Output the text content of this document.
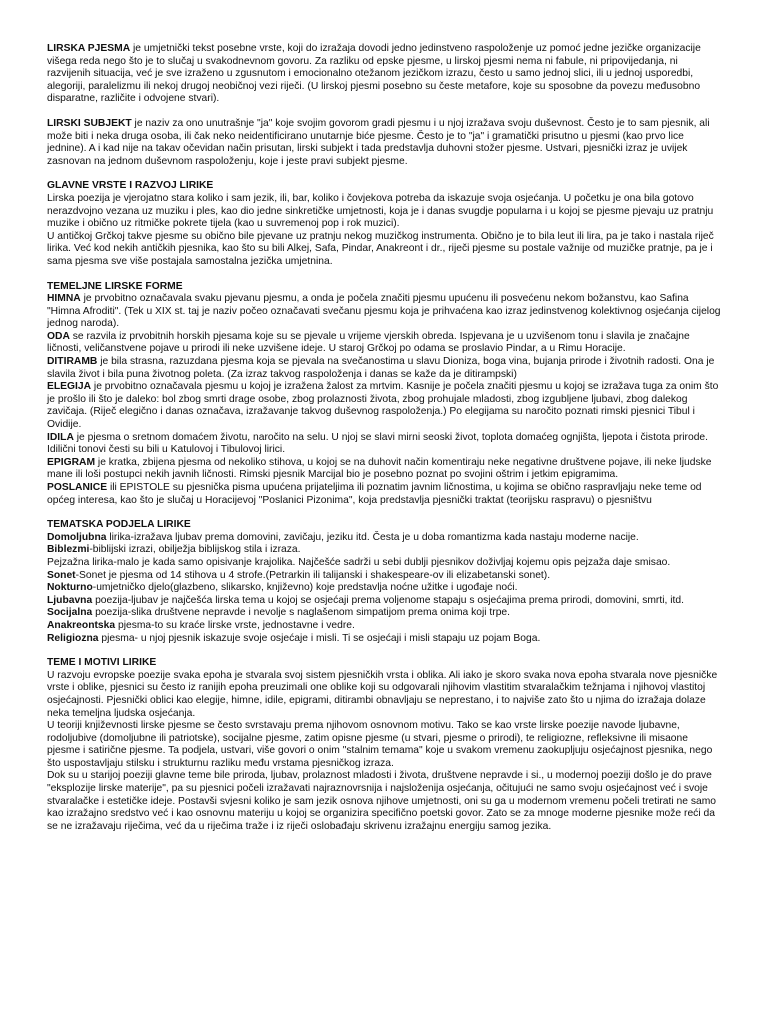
LIRSKA PJESMA je umjetnički tekst posebne vrste, koji do izražaja dovodi jedno jedinstveno raspoloženje uz pomoć jedne jezičke organizacije višega reda nego što je to slučaj u svakodnevnom govoru. Za razliku od epske pjesme, u lirskoj pjesmi nema ni fabule, ni pripovijedanja, ni razvijenih situacija, već je sve izraženo u zgusnutom i emocionalno otežanom jezičkom izrazu, često u samo jednoj slici, ili u jednoj usporedbi, alegoriji, paralelizmu ili nekoj drugoj neobičnoj vezi riječi. (U lirskoj pjesmi posebno su česte metafore, koje su sposobne da povezu međusobno disparatne, različite i odvojene stvari).

LIRSKI SUBJEKT je naziv za ono unutrašnje "ja" koje svojim govorom gradi pjesmu i u njoj izražava svoju duševnost. Često je to sam pjesnik, ali može biti i neka druga osoba, ili čak neko neidentificirano unutarnje biće pjesme. Često je to "ja" i gramatički prisutno u pjesmi (kao prvo lice jednine). A i kad nije na takav očevidan način prisutan, lirski subjekt i tada predstavlja duhovni stožer pjesme. Ustvari, pjesnički izraz je uvijek zasnovan na jednom duševnom raspoloženju, koje i jeste pravi subjekt pjesme.

GLAVNE VRSTE I RAZVOJ LIRIKE

Lirska poezija je vjerojatno stara koliko i sam jezik, ili, bar, koliko i čovjekova potreba da iskazuje svoja osjećanja. U početku je ona bila gotovo nerazdvojno vezana uz muziku i ples, kao dio jedne sinkretičke umjetnosti, koja je i danas svugdje popularna i u kojoj se pjesme pjevaju uz pratnju muzike i obično uz ritmičke pokrete tijela (kao u suvremenoj pop i rok muzici).

U antičkoj Grčkoj takve pjesme su obično bile pjevane uz pratnju nekog muzičkog instrumenta. Obično je to bila leut ili lira, pa je tako i nastala riječ lirika. Već kod nekih antičkih pjesnika, kao što su bili Alkej, Safa, Pindar, Anakreont i dr., riječi pjesme su postale važnije od muzičke pratnje, pa je i sama pjesma sve više postajala samostalna jezička umjetnina.

TEMELJNE LIRSKE FORME

HIMNA je prvobitno označavala svaku pjevanu pjesmu, a onda je počela značiti pjesmu upućenu ili posvećenu nekom božanstvu, kao Safina "Himna Afroditi". (Tek u XIX st. taj je naziv počeo označavati svečanu pjesmu koja je prihvaćena kao izraz jedinstvenog kolektivnog osjećanja cijelog jednog naroda).

ODA se razvila iz prvobitnih horskih pjesama koje su se pjevale u vrijeme vjerskih obreda. Ispjevana je u uzvišenom tonu i slavila je značajne ličnosti, veličanstvene pojave u prirodi ili neke uzvišene ideje. U staroj Grčkoj po odama se proslavio Pindar, a u Rimu Horacije.

DITIRAMB je bila strasna, razuzdana pjesma koja se pjevala na svečanostima u slavu Dioniza, boga vina, bujanja prirode i životnih radosti. Ona je slavila život i bila puna životnog poleta. (Za izraz takvog raspoloženja i danas se kaže da je ditirampski)

ELEGIJA je prvobitno označavala pjesmu u kojoj je izražena žalost za mrtvim. Kasnije je počela značiti pjesmu u kojoj se izražava tuga za onim što je prošlo ili što je daleko: bol zbog smrti drage osobe, zbog prolaznosti života, zbog prohujale mladosti, zbog izgubljene ljubavi, zbog dalekog zavičaja. (Riječ elegično i danas označava, izražavanje takvog duševnog raspoloženja.) Po elegijama su naročito poznati rimski pjesnici Tibul i Ovidije.

IDILA je pjesma o sretnom domaćem životu, naročito na selu. U njoj se slavi mirni seoski život, toplota domaćeg ognjišta, ljepota i čistota prirode. Idilični tonovi česti su bili u Katulovoj i Tibulovoj lirici.

EPIGRAM je kratka, zbijena pjesma od nekoliko stihova, u kojoj se na duhovit način komentiraju neke negativne društvene pojave, ili neke ljudske mane ili loši postupci nekih javnih ličnosti. Rimski pjesnik Marcijal bio je posebno poznat po svojini oštrim i jetkim epigramima.

POSLANICE ili EPISTOLE su pjesnička pisma upućena prijateljima ili poznatim javnim ličnostima, u kojima se obično raspravljaju neke teme od općeg interesa, kao što je slučaj u Horacijevoj "Poslanici Pizonima", koja predstavlja pjesnički traktat (teorijsku raspravu) o pjesništvu

TEMATSKA PODJELA LIRIKE

Domoljubna lirika-izražava ljubav prema domovini, zavičaju, jeziku itd. Česta je u doba romantizma kada nastaju moderne nacije.

Biblezmi-biblijski izrazi, obilježja biblijskog stila i izraza.

Pejzažna lirika-malo je kada samo opisivanje krajolika. Najčešće sadrži u sebi dublji pjesnikov doživljaj kojemu opis pejzaža daje smisao.

Sonet-Sonet je pjesma od 14 stihova u 4 strofe.(Petrarkin ili talijanski i shakespeare-ov ili elizabetanski sonet).

Nokturno-umjetničko djelo(glazbeno, slikarsko, književno) koje predstavlja noćne užitke i ugođaje noći.

Ljubavna poezija-ljubav je najčešća lirska tema u kojoj se osjećaji prema voljenome stapaju s osjećajima prema prirodi, domovini, smrti, itd.

Socijalna poezija-slika društvene nepravde i nevolje s naglašenom simpatijom prema onima koji trpe.

Anakreontska pjesma-to su kraće lirske vrste, jednostavne i vedre.

Religiozna pjesma- u njoj pjesnik iskazuje svoje osjećaje i misli. Ti se osjećaji i misli stapaju uz pojam Boga.

TEME I MOTIVI LIRIKE

U razvoju evropske poezije svaka epoha je stvarala svoj sistem pjesničkih vrsta i oblika. Ali iako je skoro svaka nova epoha stvarala nove pjesničke vrste i oblike, pjesnici su često iz ranijih epoha preuzimali one oblike koji su odgovarali njihovim vlastitim stvaralačkim težnjama i njihovoj vlastitoj osjećajnosti. Pjesnički oblici kao elegije, himne, idile, epigrami, ditirambi obnavljaju se neprestano, i to najviše zato što u njima do izražaja dolaze neka temeljna ljudska osjećanja.

U teoriji književnosti lirske pjesme se često svrstavaju prema njihovom osnovnom motivu. Tako se kao vrste lirske poezije navode ljubavne, rodoljubive (domoljubne ili patriotske), socijalne pjesme, zatim opisne pjesme (u stvari, pjesme o prirodi), te religiozne, refleksivne ili misaone pjesme i satirične pjesme. Ta podjela, ustvari, više govori o onim "stalnim temama" koje u svakom vremenu zaokupljuju osjećajnost pjesnika, nego što uspostavljaju stilsku i strukturnu razliku među vrstama pjesničkog izraza.

Dok su u starijoj poeziji glavne teme bile priroda, ljubav, prolaznost mladosti i života, društvene nepravde i si., u modernoj poeziji došlo je do prave "eksplozije lirske materije", pa su pjesnici počeli izražavati najraznovrsnija i najsloženija osjećanja, očitujući ne samo svoju osjećajnost već i svoje stvaralačke i estetičke ideje. Postavši svjesni koliko je sam jezik osnova njihove umjetnosti, oni su ga u modernom vremenu počeli tretirati ne samo kao izražajno sredstvo već i kao osnovnu materiju u kojoj se organizira specifično poetski govor. Zato se za mnoge moderne pjesnike može reći da se ne izražavaju riječima, već da u riječima traže i iz riječi oslobađaju skrivenu izražajnu energiju samog jezika.
